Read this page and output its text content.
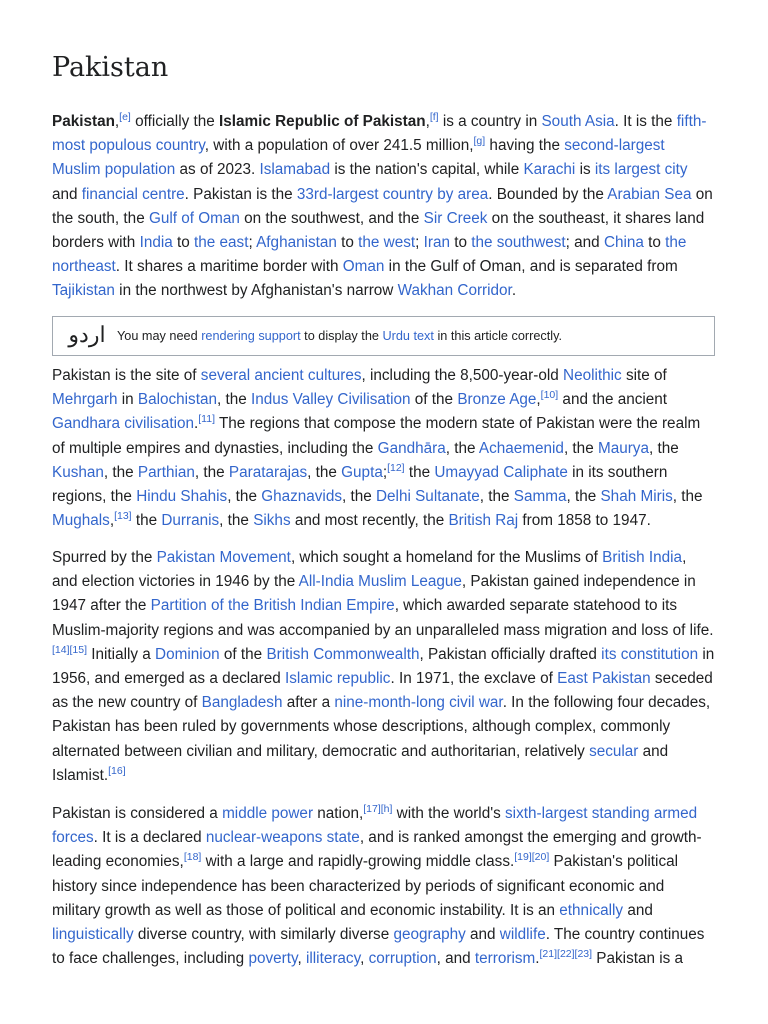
Pakistan

Pakistan,[e] officially the Islamic Republic of Pakistan,[f] is a country in South Asia. It is the fifth-most populous country, with a population of over 241.5 million,[g] having the second-largest Muslim population as of 2023. Islamabad is the nation's capital, while Karachi is its largest city and financial centre. Pakistan is the 33rd-largest country by area. Bounded by the Arabian Sea on the south, the Gulf of Oman on the southwest, and the Sir Creek on the southeast, it shares land borders with India to the east; Afghanistan to the west; Iran to the southwest; and China to the northeast. It shares a maritime border with Oman in the Gulf of Oman, and is separated from Tajikistan in the northwest by Afghanistan's narrow Wakhan Corridor.

اردو You may need rendering support to display the Urdu text in this article correctly.

Pakistan is the site of several ancient cultures, including the 8,500-year-old Neolithic site of Mehrgarh in Balochistan, the Indus Valley Civilisation of the Bronze Age,[10] and the ancient Gandhara civilisation.[11] The regions that compose the modern state of Pakistan were the realm of multiple empires and dynasties, including the Gandhāra, the Achaemenid, the Maurya, the Kushan, the Parthian, the Paratarajas, the Gupta;[12] the Umayyad Caliphate in its southern regions, the Hindu Shahis, the Ghaznavids, the Delhi Sultanate, the Samma, the Shah Miris, the Mughals,[13] the Durranis, the Sikhs and most recently, the British Raj from 1858 to 1947.

Spurred by the Pakistan Movement, which sought a homeland for the Muslims of British India, and election victories in 1946 by the All-India Muslim League, Pakistan gained independence in 1947 after the Partition of the British Indian Empire, which awarded separate statehood to its Muslim-majority regions and was accompanied by an unparalleled mass migration and loss of life.[14][15] Initially a Dominion of the British Commonwealth, Pakistan officially drafted its constitution in 1956, and emerged as a declared Islamic republic. In 1971, the exclave of East Pakistan seceded as the new country of Bangladesh after a nine-month-long civil war. In the following four decades, Pakistan has been ruled by governments whose descriptions, although complex, commonly alternated between civilian and military, democratic and authoritarian, relatively secular and Islamist.[16]

Pakistan is considered a middle power nation,[17][h] with the world's sixth-largest standing armed forces. It is a declared nuclear-weapons state, and is ranked amongst the emerging and growth-leading economies,[18] with a large and rapidly-growing middle class.[19][20] Pakistan's political history since independence has been characterized by periods of significant economic and military growth as well as those of political and economic instability. It is an ethnically and linguistically diverse country, with similarly diverse geography and wildlife. The country continues to face challenges, including poverty, illiteracy, corruption, and terrorism.[21][22][23] Pakistan is a
